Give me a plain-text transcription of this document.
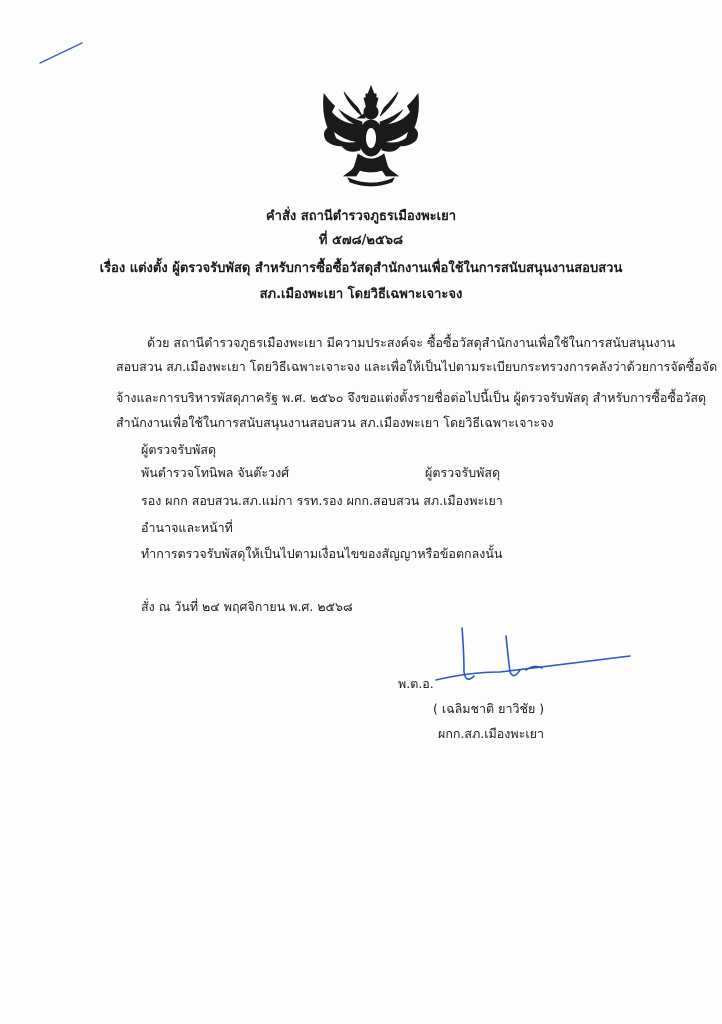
คำสั่ง สถานีตำรวจภูธรเมืองพะเยา
ที่ ๕๗๘/๒๕๖๘
เรื่อง แต่งตั้ง ผู้ตรวจรับพัสดุ สำหรับการซื้อซื้อวัสดุสำนักงานเพื่อใช้ในการสนับสนุนงานสอบสวน
สภ.เมืองพะเยา โดยวิธีเฉพาะเจาะจง
ด้วย สถานีตำรวจภูธรเมืองพะเยา มีความประสงค์จะ ซื้อซื้อวัสดุสำนักงานเพื่อใช้ในการสนับสนุนงาน
สอบสวน สภ.เมืองพะเยา โดยวิธีเฉพาะเจาะจง และเพื่อให้เป็นไปตามระเบียบกระทรวงการคลังว่าด้วยการจัดซื้อจัด
จ้างและการบริหารพัสดุภาครัฐ พ.ศ. ๒๕๖๐ จึงขอแต่งตั้งรายชื่อต่อไปนี้เป็น ผู้ตรวจรับพัสดุ สำหรับการซื้อซื้อวัสดุ
สำนักงานเพื่อใช้ในการสนับสนุนงานสอบสวน สภ.เมืองพะเยา โดยวิธีเฉพาะเจาะจง
ผู้ตรวจรับพัสดุ
พันตำรวจโทนิพล จันต๊ะวงศ์	ผู้ตรวจรับพัสดุ
รอง ผกก สอบสวน.สภ.แม่กา รรท.รอง ผกก.สอบสวน สภ.เมืองพะเยา
อำนาจและหน้าที่
ทำการตรวจรับพัสดุให้เป็นไปตามเงื่อนไขของสัญญาหรือข้อตกลงนั้น
สั่ง ณ วันที่ ๒๔ พฤศจิกายน พ.ศ. ๒๕๖๘
พ.ต.อ.
( เฉลิมชาติ ยาวิชัย )
ผกก.สภ.เมืองพะเยา
